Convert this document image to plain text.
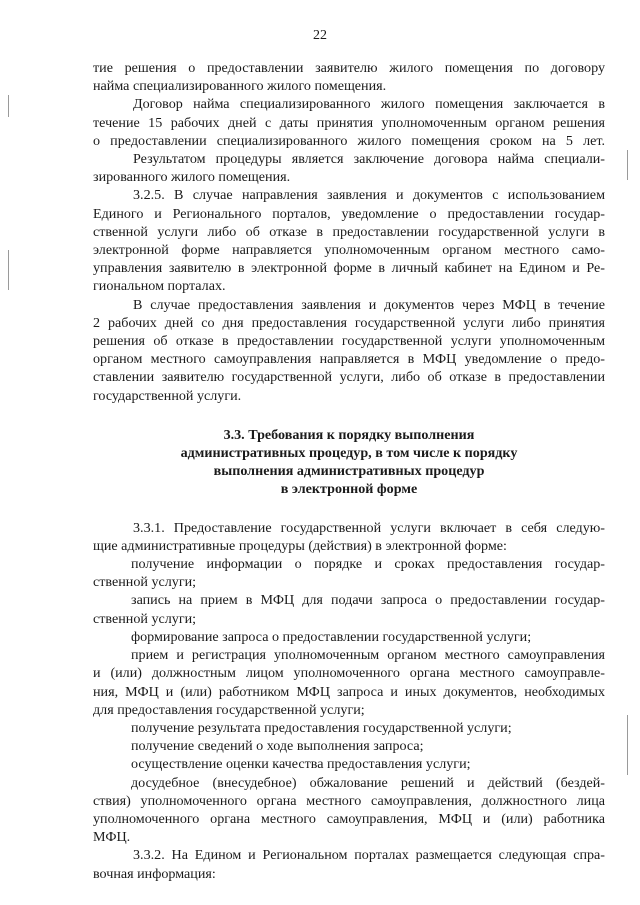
22
тие решения о предоставлении заявителю жилого помещения по договору
найма специализированного жилого помещения.
Договор найма специализированного жилого помещения заключается в
течение 15 рабочих дней с даты принятия уполномоченным органом решения
о предоставлении специализированного жилого помещения сроком на 5 лет.
Результатом процедуры является заключение договора найма специали-
зированного жилого помещения.
3.2.5. В случае направления заявления и документов с использованием
Единого и Регионального порталов, уведомление о предоставлении государ-
ственной услуги либо об отказе в предоставлении государственной услуги в
электронной форме направляется уполномоченным органом местного само-
управления заявителю в электронной форме в личный кабинет на Едином и Ре-
гиональном порталах.
В случае предоставления заявления и документов через МФЦ в течение
2 рабочих дней со дня предоставления государственной услуги либо принятия
решения об отказе в предоставлении государственной услуги уполномоченным
органом местного самоуправления направляется в МФЦ уведомление о предо-
ставлении заявителю государственной услуги, либо об отказе в предоставлении
государственной услуги.
3.3. Требования к порядку выполнения
административных процедур, в том числе к порядку
выполнения административных процедур
в электронной форме
3.3.1. Предоставление государственной услуги включает в себя следую-
щие административные процедуры (действия) в электронной форме:
получение информации о порядке и сроках предоставления государ-
ственной услуги;
запись на прием в МФЦ для подачи запроса о предоставлении государ-
ственной услуги;
формирование запроса о предоставлении государственной услуги;
прием и регистрация уполномоченным органом местного самоуправления
и (или) должностным лицом уполномоченного органа местного самоуправле-
ния, МФЦ и (или) работником МФЦ запроса и иных документов, необходимых
для предоставления государственной услуги;
получение результата предоставления государственной услуги;
получение сведений о ходе выполнения запроса;
осуществление оценки качества предоставления услуги;
досудебное (внесудебное) обжалование решений и действий (бездей-
ствия) уполномоченного органа местного самоуправления, должностного лица
уполномоченного органа местного самоуправления, МФЦ и (или) работника
МФЦ.
3.3.2. На Едином и Региональном порталах размещается следующая спра-
вочная информация:
